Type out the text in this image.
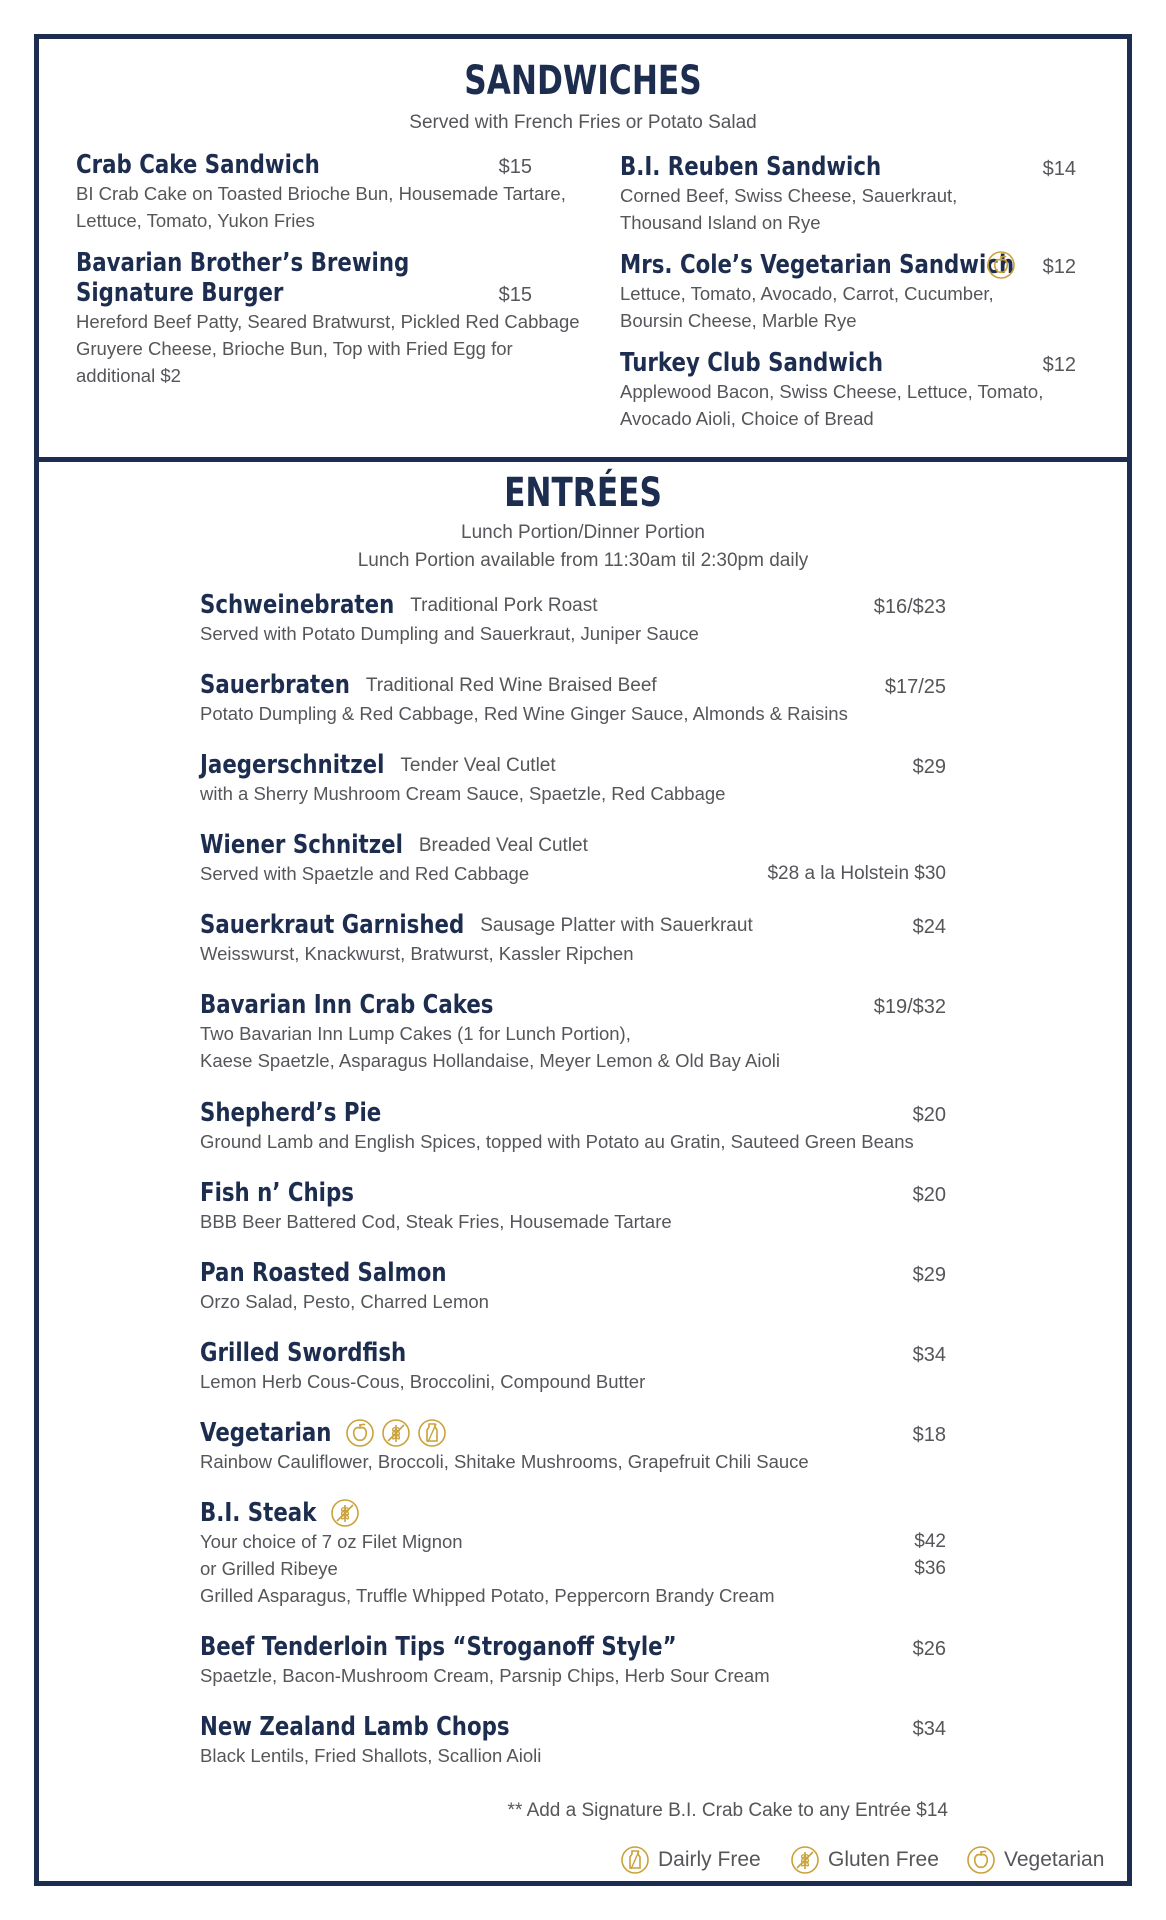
SANDWICHES
Served with French Fries or Potato Salad
Crab Cake Sandwich	$15
BI Crab Cake on Toasted Brioche Bun, Housemade Tartare,
Lettuce, Tomato, Yukon Fries
Bavarian Brother’s Brewing
Signature Burger	$15
Hereford Beef Patty, Seared Bratwurst, Pickled Red Cabbage
Gruyere Cheese, Brioche Bun, Top with Fried Egg for
additional $2
B.I. Reuben Sandwich	$14
Corned Beef, Swiss Cheese, Sauerkraut,
Thousand Island on Rye
Mrs. Cole’s Vegetarian Sandwich	$12
Lettuce, Tomato, Avocado, Carrot, Cucumber,
Boursin Cheese, Marble Rye
Turkey Club Sandwich	$12
Applewood Bacon, Swiss Cheese, Lettuce, Tomato,
Avocado Aioli, Choice of Bread
ENTRÉES
Lunch Portion/Dinner Portion
Lunch Portion available from 11:30am til 2:30pm daily
Schweinebraten Traditional Pork Roast	$16/$23
Served with Potato Dumpling and Sauerkraut, Juniper Sauce
Sauerbraten Traditional Red Wine Braised Beef	$17/25
Potato Dumpling & Red Cabbage, Red Wine Ginger Sauce, Almonds & Raisins
Jaegerschnitzel Tender Veal Cutlet	$29
with a Sherry Mushroom Cream Sauce, Spaetzle, Red Cabbage
Wiener Schnitzel Breaded Veal Cutlet
Served with Spaetzle and Red Cabbage	$28 a la Holstein $30
Sauerkraut Garnished Sausage Platter with Sauerkraut	$24
Weisswurst, Knackwurst, Bratwurst, Kassler Ripchen
Bavarian Inn Crab Cakes	$19/$32
Two Bavarian Inn Lump Cakes (1 for Lunch Portion),
Kaese Spaetzle, Asparagus Hollandaise, Meyer Lemon & Old Bay Aioli
Shepherd’s Pie	$20
Ground Lamb and English Spices, topped with Potato au Gratin, Sauteed Green Beans
Fish n’ Chips	$20
BBB Beer Battered Cod, Steak Fries, Housemade Tartare
Pan Roasted Salmon	$29
Orzo Salad, Pesto, Charred Lemon
Grilled Swordfish	$34
Lemon Herb Cous-Cous, Broccolini, Compound Butter
Vegetarian	$18
Rainbow Cauliflower, Broccoli, Shitake Mushrooms, Grapefruit Chili Sauce
B.I. Steak
Your choice of 7 oz Filet Mignon	$42
or Grilled Ribeye	$36
Grilled Asparagus, Truffle Whipped Potato, Peppercorn Brandy Cream
Beef Tenderloin Tips “Stroganoff Style”	$26
Spaetzle, Bacon-Mushroom Cream, Parsnip Chips, Herb Sour Cream
New Zealand Lamb Chops	$34
Black Lentils, Fried Shallots, Scallion Aioli
** Add a Signature B.I. Crab Cake to any Entrée $14
Dairly Free	Gluten Free	Vegetarian
